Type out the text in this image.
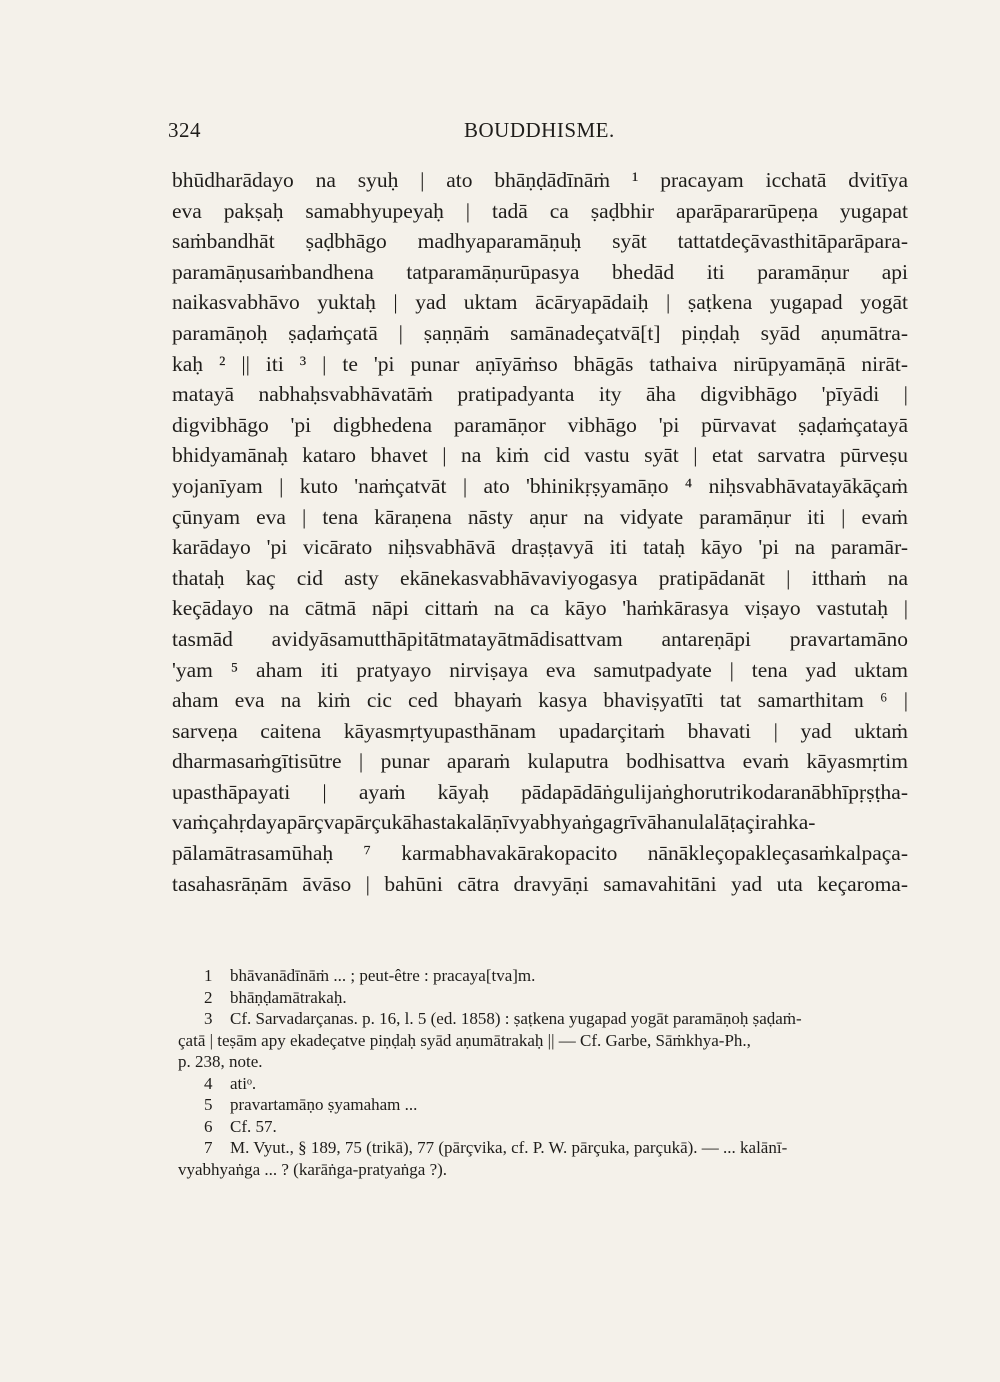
324	BOUDDHISME.
bhūdharādayo na syuḥ | ato bhāṇḍādīnāṁ ¹ pracayam icchatā dvitīya
eva pakṣaḥ samabhyupeyaḥ | tadā ca ṣaḍbhir aparāpararūpeṇa yugapat
saṁbandhāt ṣaḍbhāgo madhyaparamāṇuḥ syāt tattatdeçāvasthitāparāpara-
paramāṇusaṁbandhena tatparamāṇurūpasya bhedād iti paramāṇur api
naikasvabhāvo yuktaḥ | yad uktam ācāryapādaiḥ | ṣaṭkena yugapad yogāt
paramāṇoḥ ṣaḍaṁçatā | ṣaṇṇāṁ samānadeçatvā[t] piṇḍaḥ syād aṇumātra-
kaḥ ² || iti ³ | te 'pi punar aṇīyāṁso bhāgās tathaiva nirūpyamāṇā nirāt-
matayā nabhaḥsvabhāvatāṁ pratipadyanta ity āha digvibhāgo 'pīyādi |
digvibhāgo 'pi digbhedena paramāṇor vibhāgo 'pi pūrvavat ṣaḍaṁçatayā
bhidyamānaḥ kataro bhavet | na kiṁ cid vastu syāt | etat sarvatra pūrveṣu
yojanīyam | kuto 'naṁçatvāt | ato 'bhinikṛṣyamāṇo ⁴ niḥsvabhāvatayākāçaṁ
çūnyam eva | tena kāraṇena nāsty aṇur na vidyate paramāṇur iti | evaṁ
karādayo 'pi vicārato niḥsvabhāvā draṣṭavyā iti tataḥ kāyo 'pi na paramār-
thataḥ kaç cid asty ekānekasvabhāvaviyogasya pratipādanāt | itthaṁ na
keçādayo na cātmā nāpi cittaṁ na ca kāyo 'haṁkārasya viṣayo vastutaḥ |
tasmād avidyāsamutthāpitātmatayātmādisattvam antareṇāpi pravartamāno
'yam ⁵ aham iti pratyayo nirviṣaya eva samutpadyate | tena yad uktam
aham eva na kiṁ cic ced bhayaṁ kasya bhaviṣyatīti tat samarthitam ⁶ |
sarveṇa caitena kāyasmṛtyupasthānam upadarçitaṁ bhavati | yad uktaṁ
dharmasaṁgītisūtre | punar aparaṁ kulaputra bodhisattva evaṁ kāyasmṛtim
upasthāpayati | ayaṁ kāyaḥ pādapādāṅgulijaṅghorutrikodaranābhīpṛṣṭha-
vaṁçahṛdayapārçvapārçukāhastakalāṇīvyabhyaṅgagrīvāhanulalāṭaçirahka-
pālamātrasamūhaḥ ⁷ karmabhavakārakopacito nānākleçopakleçasaṁkalpaça-
tasahasrāṇām āvāso | bahūni cātra dravyāṇi samavahitāni yad uta keçaroma-
1 bhāvanādīnāṁ ... ; peut-être : pracaya[tva]m.
2 bhāṇḍamātrakaḥ.
3 Cf. Sarvadarçanas. p. 16, l. 5 (ed. 1858) : ṣaṭkena yugapad yogāt paramāṇoḥ ṣaḍaṁ-
çatā | teṣām apy ekadeçatve piṇḍaḥ syād aṇumātrakaḥ || — Cf. Garbe, Sāṁkhya-Ph.,
p. 238, note.
4 atiᵒ.
5 pravartamāṇo ṣyamaham ...
6 Cf. 57.
7 M. Vyut., § 189, 75 (trikā), 77 (pārçvika, cf. P. W. pārçuka, parçukā). — ... kalānī-
vyabhyaṅga ... ? (karāṅga-pratyaṅga ?).
